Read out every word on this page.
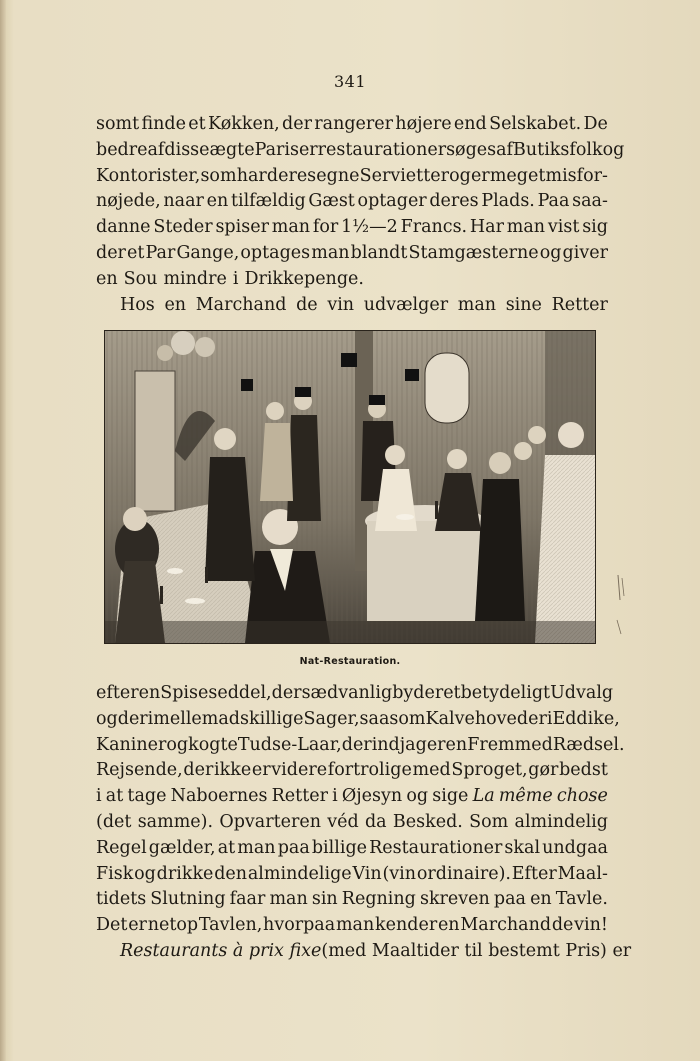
341
somt finde et Køkken, der rangerer højere end Selskabet. De
bedre af disse ægte Pariserrestaurationer søges af Butiksfolk og
Kontorister, som har deres egne Servietter og er meget misfor-
nøjede, naar en tilfældig Gæst optager deres Plads. Paa saa-
danne Steder spiser man for 1½—2 Francs. Har man vist sig
der et Par Gange, optages man blandt Stamgæsterne og giver
en Sou mindre i Drikkepenge.
Hos en Marchand de vin udvælger man sine Retter
Nat-Restauration.
efter en Spiseseddel, der sædvanlig byder et betydeligt Udvalg
og derimellem adskillige Sager, saasom Kalvehoveder i Eddike,
Kaniner og kogte Tudse-Laar, der indjager en Fremmed Rædsel.
Rejsende, der ikke er videre fortrolige med Sproget, gør bedst
i at tage Naboernes Retter i Øjesyn og sige La même chose
(det samme). Opvarteren véd da Besked. Som almindelig
Regel gælder, at man paa billige Restaurationer skal undgaa
Fisk og drikke den almindelige Vin (vin ordinaire). Efter Maal-
tidets Slutning faar man sin Regning skreven paa en Tavle.
Det er netop Tavlen, hvorpaa man kender en Marchand de vin!
Restaurants à prix fixe (med Maaltider til bestemt Pris) er
